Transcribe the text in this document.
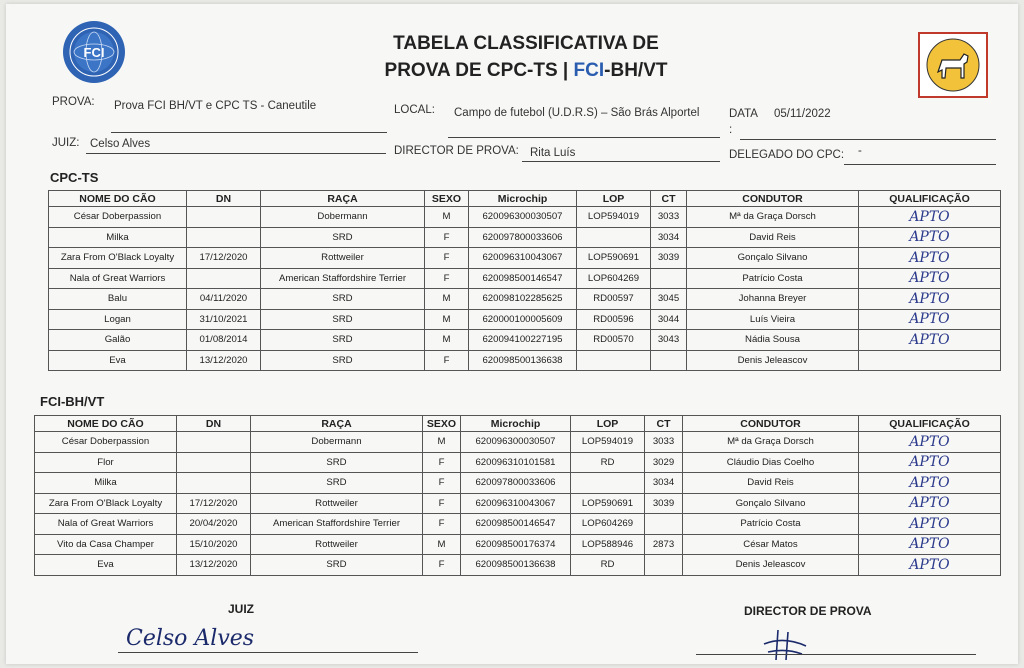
FCI	TABELA CLASSIFICATIVA DE
PROVA DE CPC-TS | FCI-BH/VT
PROVA: Prova FCI BH/VT e CPC TS - Caneutile	LOCAL: Campo de futebol (U.D.R.S) – São Brás Alportel	DATA 05/11/2022
:
JUIZ: Celso Alves
DIRECTOR DE PROVA: Rita Luís	DELEGADO DO CPC: -
CPC-TS
NOME DO CÃO	DN	RAÇA	SEXO	Microchip	LOP	CT	CONDUTOR	QUALIFICAÇÃO
César Doberpassion		Dobermann	M	620096300030507	LOP594019	3033	Mª da Graça Dorsch	APTO
Milka		SRD	F	620097800033606		3034	David Reis	APTO
Zara From O'Black Loyalty	17/12/2020	Rottweiler	F	620096310043067	LOP590691	3039	Gonçalo Silvano	APTO
Nala of Great Warriors		American Staffordshire Terrier	F	620098500146547	LOP604269		Patrício Costa	APTO
Balu	04/11/2020	SRD	M	620098102285625	RD00597	3045	Johanna Breyer	APTO
Logan	31/10/2021	SRD	M	620000100005609	RD00596	3044	Luís Vieira	APTO
Galão	01/08/2014	SRD	M	620094100227195	RD00570	3043	Nádia Sousa	APTO
Eva	13/12/2020	SRD	F	620098500136638			Denis Jeleascov	
FCI-BH/VT
NOME DO CÃO	DN	RAÇA	SEXO	Microchip	LOP	CT	CONDUTOR	QUALIFICAÇÃO
César Doberpassion		Dobermann	M	620096300030507	LOP594019	3033	Mª da Graça Dorsch	APTO
Flor		SRD	F	620096310101581	RD	3029	Cláudio Dias Coelho	APTO
Milka		SRD	F	620097800033606		3034	David Reis	APTO
Zara From O'Black Loyalty	17/12/2020	Rottweiler	F	620096310043067	LOP590691	3039	Gonçalo Silvano	APTO
Nala of Great Warriors	20/04/2020	American Staffordshire Terrier	F	620098500146547	LOP604269		Patrício Costa	APTO
Vito da Casa Champer	15/10/2020	Rottweiler	M	620098500176374	LOP588946	2873	César Matos	APTO
Eva	13/12/2020	SRD	F	620098500136638	RD		Denis Jeleascov	APTO
JUIZ	DIRECTOR DE PROVA
Celso Alves
